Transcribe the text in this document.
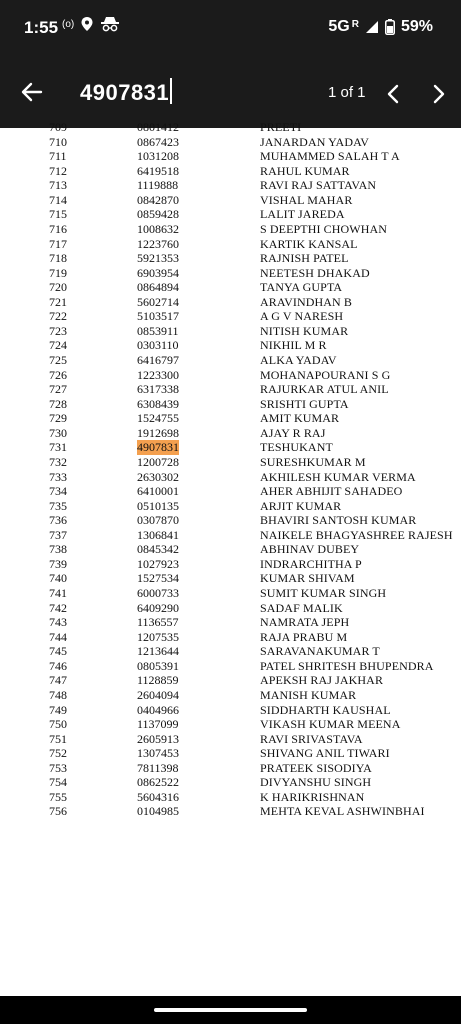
1:55 (o)	5G R	59%
4907831	1 of 1
709	0801412	PREETI
710	0867423	JANARDAN YADAV
711	1031208	MUHAMMED SALAH T A
712	6419518	RAHUL KUMAR
713	1119888	RAVI RAJ SATTAVAN
714	0842870	VISHAL MAHAR
715	0859428	LALIT JAREDA
716	1008632	S DEEPTHI CHOWHAN
717	1223760	KARTIK KANSAL
718	5921353	RAJNISH PATEL
719	6903954	NEETESH DHAKAD
720	0864894	TANYA GUPTA
721	5602714	ARAVINDHAN B
722	5103517	A G V NARESH
723	0853911	NITISH KUMAR
724	0303110	NIKHIL M R
725	6416797	ALKA YADAV
726	1223300	MOHANAPOURANI S G
727	6317338	RAJURKAR ATUL ANIL
728	6308439	SRISHTI GUPTA
729	1524755	AMIT KUMAR
730	1912698	AJAY R RAJ
731	4907831	TESHUKANT
732	1200728	SURESHKUMAR M
733	2630302	AKHILESH KUMAR VERMA
734	6410001	AHER ABHIJIT SAHADEO
735	0510135	ARJIT KUMAR
736	0307870	BHAVIRI SANTOSH KUMAR
737	1306841	NAIKELE BHAGYASHREE RAJESH
738	0845342	ABHINAV DUBEY
739	1027923	INDRARCHITHA P
740	1527534	KUMAR SHIVAM
741	6000733	SUMIT KUMAR SINGH
742	6409290	SADAF MALIK
743	1136557	NAMRATA JEPH
744	1207535	RAJA PRABU M
745	1213644	SARAVANAKUMAR T
746	0805391	PATEL SHRITESH BHUPENDRA
747	1128859	APEKSH RAJ JAKHAR
748	2604094	MANISH KUMAR
749	0404966	SIDDHARTH KAUSHAL
750	1137099	VIKASH KUMAR MEENA
751	2605913	RAVI SRIVASTAVA
752	1307453	SHIVANG ANIL TIWARI
753	7811398	PRATEEK SISODIYA
754	0862522	DIVYANSHU SINGH
755	5604316	K HARIKRISHNAN
756	0104985	MEHTA KEVAL ASHWINBHAI
